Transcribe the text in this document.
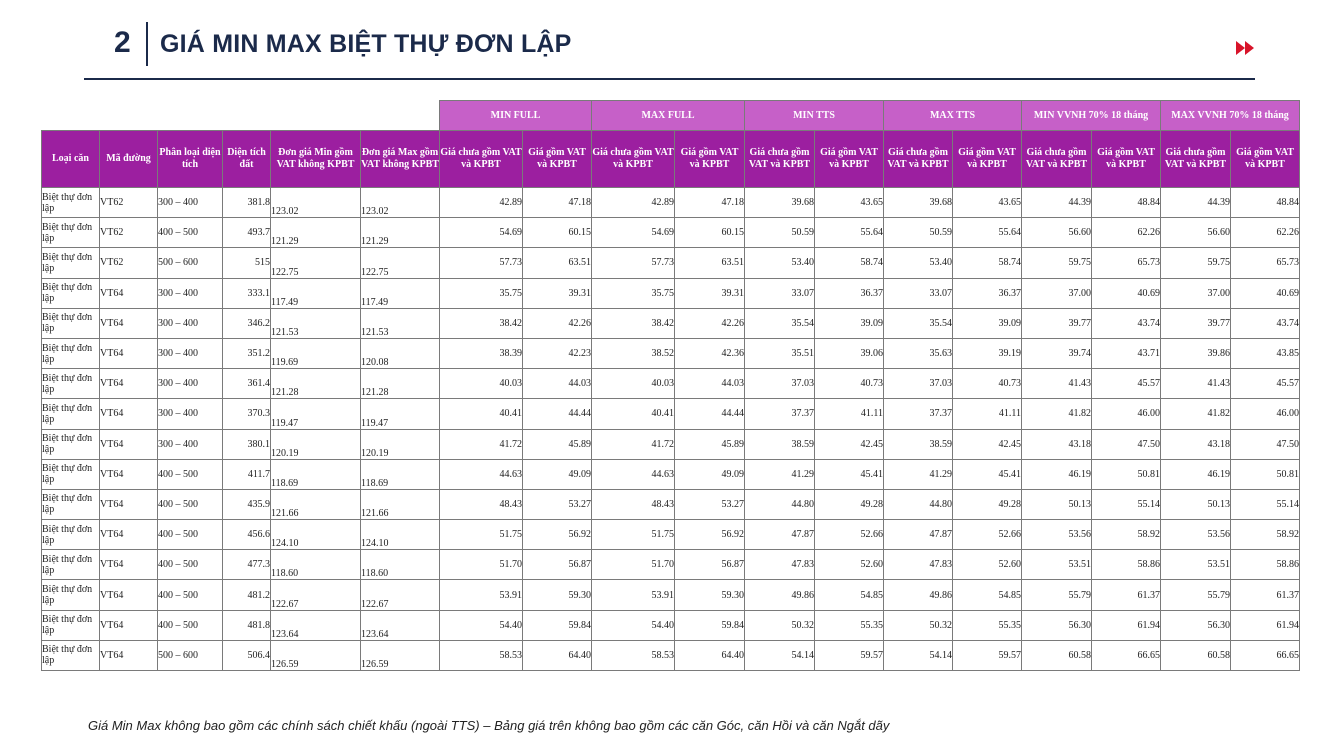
2 GIÁ MIN MAX BIỆT THỰ ĐƠN LẬP
						MIN FULL		MAX FULL		MIN TTS		MAX TTS		MIN VVNH 70% 18 tháng		MAX VVNH 70% 18 tháng	
Loại căn	Mã đường	Phân loại diện tích	Diện tích đất	Đơn giá Min gồm VAT không KPBT	Đơn giá Max gồm VAT không KPBT	Giá chưa gồm VAT và KPBT	Giá gồm VAT và KPBT	Giá chưa gồm VAT và KPBT	Giá gồm VAT và KPBT	Giá chưa gồm VAT và KPBT	Giá gồm VAT và KPBT	Giá chưa gồm VAT và KPBT	Giá gồm VAT và KPBT	Giá chưa gồm VAT và KPBT	Giá gồm VAT và KPBT	Giá chưa gồm VAT và KPBT	Giá gồm VAT và KPBT
Biệt thự đơn lập	VT62	300 – 400	381.8	123.02	123.02	42.89	47.18	42.89	47.18	39.68	43.65	39.68	43.65	44.39	48.84	44.39	48.84
Biệt thự đơn lập	VT62	400 – 500	493.7	121.29	121.29	54.69	60.15	54.69	60.15	50.59	55.64	50.59	55.64	56.60	62.26	56.60	62.26
Biệt thự đơn lập	VT62	500 – 600	515	122.75	122.75	57.73	63.51	57.73	63.51	53.40	58.74	53.40	58.74	59.75	65.73	59.75	65.73
Biệt thự đơn lập	VT64	300 – 400	333.1	117.49	117.49	35.75	39.31	35.75	39.31	33.07	36.37	33.07	36.37	37.00	40.69	37.00	40.69
Biệt thự đơn lập	VT64	300 – 400	346.2	121.53	121.53	38.42	42.26	38.42	42.26	35.54	39.09	35.54	39.09	39.77	43.74	39.77	43.74
Biệt thự đơn lập	VT64	300 – 400	351.2	119.69	120.08	38.39	42.23	38.52	42.36	35.51	39.06	35.63	39.19	39.74	43.71	39.86	43.85
Biệt thự đơn lập	VT64	300 – 400	361.4	121.28	121.28	40.03	44.03	40.03	44.03	37.03	40.73	37.03	40.73	41.43	45.57	41.43	45.57
Biệt thự đơn lập	VT64	300 – 400	370.3	119.47	119.47	40.41	44.44	40.41	44.44	37.37	41.11	37.37	41.11	41.82	46.00	41.82	46.00
Biệt thự đơn lập	VT64	300 – 400	380.1	120.19	120.19	41.72	45.89	41.72	45.89	38.59	42.45	38.59	42.45	43.18	47.50	43.18	47.50
Biệt thự đơn lập	VT64	400 – 500	411.7	118.69	118.69	44.63	49.09	44.63	49.09	41.29	45.41	41.29	45.41	46.19	50.81	46.19	50.81
Biệt thự đơn lập	VT64	400 – 500	435.9	121.66	121.66	48.43	53.27	48.43	53.27	44.80	49.28	44.80	49.28	50.13	55.14	50.13	55.14
Biệt thự đơn lập	VT64	400 – 500	456.6	124.10	124.10	51.75	56.92	51.75	56.92	47.87	52.66	47.87	52.66	53.56	58.92	53.56	58.92
Biệt thự đơn lập	VT64	400 – 500	477.3	118.60	118.60	51.70	56.87	51.70	56.87	47.83	52.60	47.83	52.60	53.51	58.86	53.51	58.86
Biệt thự đơn lập	VT64	400 – 500	481.2	122.67	122.67	53.91	59.30	53.91	59.30	49.86	54.85	49.86	54.85	55.79	61.37	55.79	61.37
Biệt thự đơn lập	VT64	400 – 500	481.8	123.64	123.64	54.40	59.84	54.40	59.84	50.32	55.35	50.32	55.35	56.30	61.94	56.30	61.94
Biệt thự đơn lập	VT64	500 – 600	506.4	126.59	126.59	58.53	64.40	58.53	64.40	54.14	59.57	54.14	59.57	60.58	66.65	60.58	66.65
Giá Min Max không bao gồm các chính sách chiết khấu (ngoài TTS) – Bảng giá trên không bao gồm các căn Góc, căn Hồi và căn Ngắt dãy
